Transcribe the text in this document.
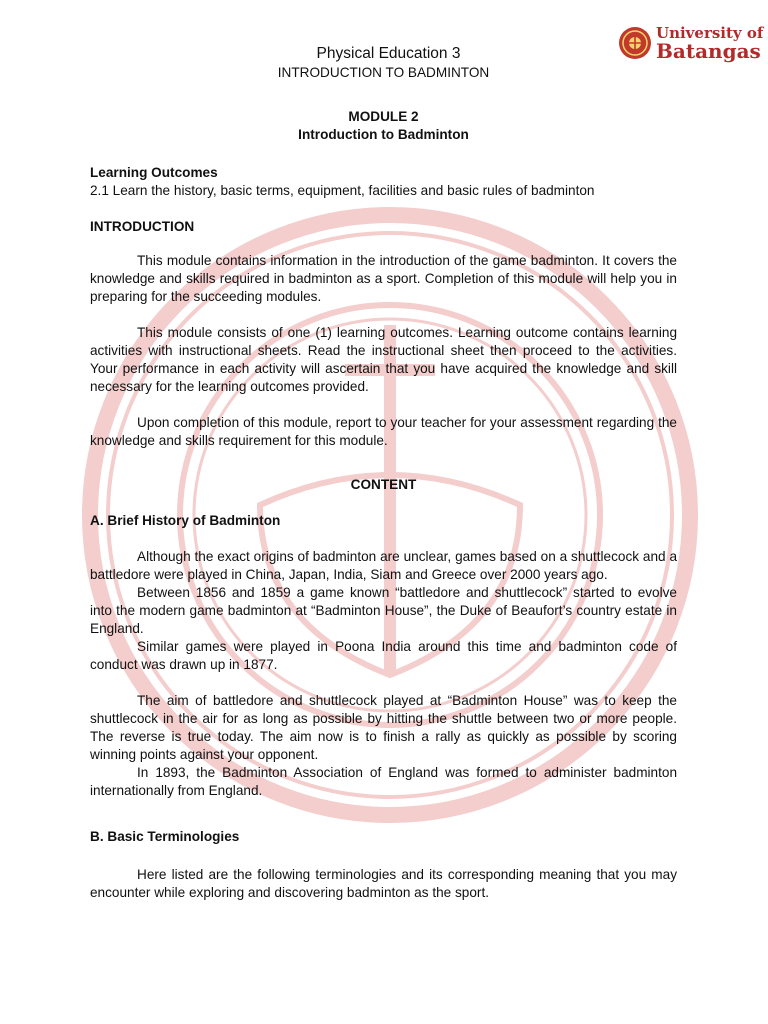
University of
Batangas
Physical Education 3
INTRODUCTION TO BADMINTON
MODULE 2
Introduction to Badminton
Learning Outcomes
2.1 Learn the history, basic terms, equipment, facilities and basic rules of badminton
INTRODUCTION
This module contains information in the introduction of the game badminton. It covers the knowledge and skills required in badminton as a sport. Completion of this module will help you in preparing for the succeeding modules.
This module consists of one (1) learning outcomes. Learning outcome contains learning activities with instructional sheets. Read the instructional sheet then proceed to the activities. Your performance in each activity will ascertain that you have acquired the knowledge and skill necessary for the learning outcomes provided.
Upon completion of this module, report to your teacher for your assessment regarding the knowledge and skills requirement for this module.
CONTENT
A. Brief History of Badminton
Although the exact origins of badminton are unclear, games based on a shuttlecock and a battledore were played in China, Japan, India, Siam and Greece over 2000 years ago.
Between 1856 and 1859 a game known “battledore and shuttlecock” started to evolve into the modern game badminton at “Badminton House”, the Duke of Beaufort’s country estate in England.
Similar games were played in Poona India around this time and badminton code of conduct was drawn up in 1877.
The aim of battledore and shuttlecock played at “Badminton House” was to keep the shuttlecock in the air for as long as possible by hitting the shuttle between two or more people. The reverse is true today. The aim now is to finish a rally as quickly as possible by scoring winning points against your opponent.
In 1893, the Badminton Association of England was formed to administer badminton internationally from England.
B. Basic Terminologies
Here listed are the following terminologies and its corresponding meaning that you may encounter while exploring and discovering badminton as the sport.
